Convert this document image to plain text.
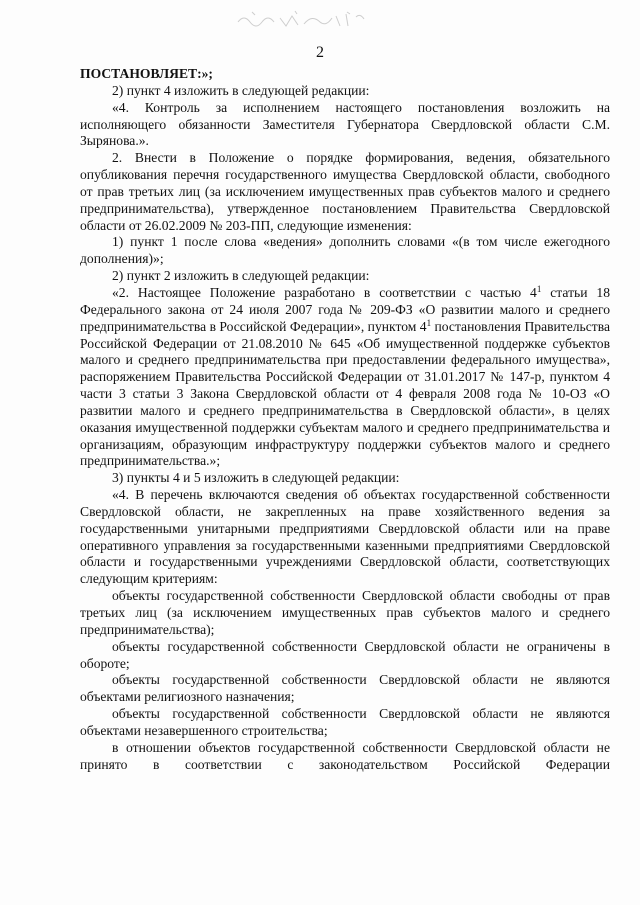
2

ПОСТАНОВЛЯЕТ:»;

2) пункт 4 изложить в следующей редакции:

«4. Контроль за исполнением настоящего постановления возложить на исполняющего обязанности Заместителя Губернатора Свердловской области С.М. Зырянова.».

2. Внести в Положение о порядке формирования, ведения, обязательного опубликования перечня государственного имущества Свердловской области, свободного от прав третьих лиц (за исключением имущественных прав субъектов малого и среднего предпринимательства), утвержденное постановлением Правительства Свердловской области от 26.02.2009 № 203-ПП, следующие изменения:

1) пункт 1 после слова «ведения» дополнить словами «(в том числе ежегодного дополнения)»;

2) пункт 2 изложить в следующей редакции:

«2. Настоящее Положение разработано в соответствии с частью $4^1$ статьи 18 Федерального закона от 24 июля 2007 года № 209-ФЗ «О развитии малого и среднего предпринимательства в Российской Федерации», пунктом $4^1$ постановления Правительства Российской Федерации от 21.08.2010 № 645 «Об имущественной поддержке субъектов малого и среднего предпринимательства при предоставлении федерального имущества», распоряжением Правительства Российской Федерации от 31.01.2017 № 147-р, пунктом 4 части 3 статьи 3 Закона Свердловской области от 4 февраля 2008 года № 10-ОЗ «О развитии малого и среднего предпринимательства в Свердловской области», в целях оказания имущественной поддержки субъектам малого и среднего предпринимательства и организациям, образующим инфраструктуру поддержки субъектов малого и среднего предпринимательства.»;

3) пункты 4 и 5 изложить в следующей редакции:

«4. В перечень включаются сведения об объектах государственной собственности Свердловской области, не закрепленных на праве хозяйственного ведения за государственными унитарными предприятиями Свердловской области или на праве оперативного управления за государственными казенными предприятиями Свердловской области и государственными учреждениями Свердловской области, соответствующих следующим критериям:

объекты государственной собственности Свердловской области свободны от прав третьих лиц (за исключением имущественных прав субъектов малого и среднего предпринимательства);

объекты государственной собственности Свердловской области не ограничены в обороте;

объекты государственной собственности Свердловской области не являются объектами религиозного назначения;

объекты государственной собственности Свердловской области не являются объектами незавершенного строительства;

в отношении объектов государственной собственности Свердловской области не принято в соответствии с законодательством Российской Федерации
